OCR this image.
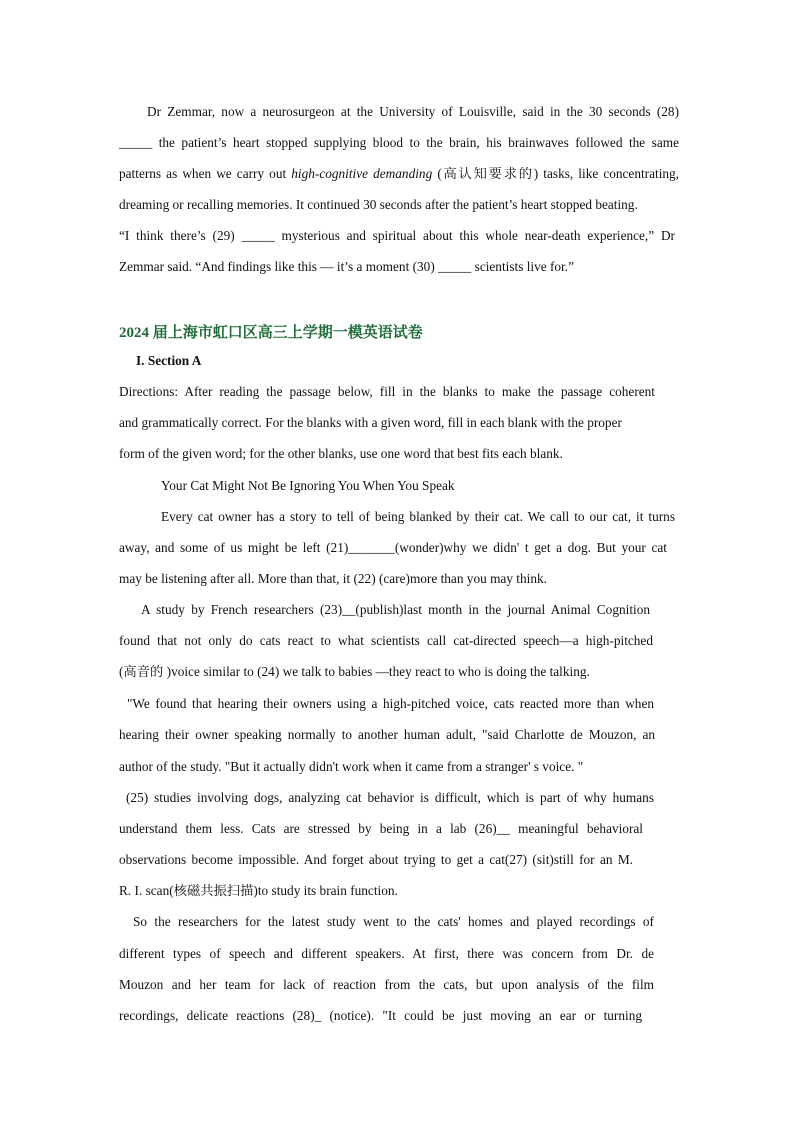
Dr Zemmar, now a neurosurgeon at the University of Louisville, said in the 30 seconds (28)
_____ the patient’s heart stopped supplying blood to the brain, his brainwaves followed the same
patterns as when we carry out high-cognitive demanding (高认知要求的) tasks, like concentrating,
dreaming or recalling memories. It continued 30 seconds after the patient’s heart stopped beating.
“I think there’s (29) _____ mysterious and spiritual about this whole near-death experience,” Dr
Zemmar said. “And findings like this — it’s a moment (30) _____ scientists live for.”
2024 届上海市虹口区高三上学期一模英语试卷
I. Section A
Directions: After reading the passage below, fill in the blanks to make the passage coherent
and grammatically correct. For the blanks with a given word, fill in each blank with the proper
form of the given word; for the other blanks, use one word that best fits each blank.
Your Cat Might Not Be Ignoring You When You Speak
Every cat owner has a story to tell of being blanked by their cat. We call to our cat, it turns
away, and some of us might be left (21)_______(wonder)why we didn' t get a dog. But your cat
may be listening after all. More than that, it (22) (care)more than you may think.
A study by French researchers (23)__(publish)last month in the journal Animal Cognition
found that not only do cats react to what scientists call cat-directed speech—a high-pitched
(高音的 )voice similar to (24) we talk to babies —they react to who is doing the talking.
"We found that hearing their owners using a high-pitched voice, cats reacted more than when
hearing their owner speaking normally to another human adult, "said Charlotte de Mouzon, an
author of the study. "But it actually didn't work when it came from a stranger' s voice. "
(25) studies involving dogs, analyzing cat behavior is difficult, which is part of why humans
understand them less. Cats are stressed by being in a lab (26)__ meaningful behavioral
observations become impossible. And forget about trying to get a cat(27) (sit)still for an M.
R. I. scan(核磁共振扫描)to study its brain function.
So the researchers for the latest study went to the cats' homes and played recordings of
different types of speech and different speakers. At first, there was concern from Dr. de
Mouzon and her team for lack of reaction from the cats, but upon analysis of the film
recordings, delicate reactions (28)_ (notice). "It could be just moving an ear or turning
